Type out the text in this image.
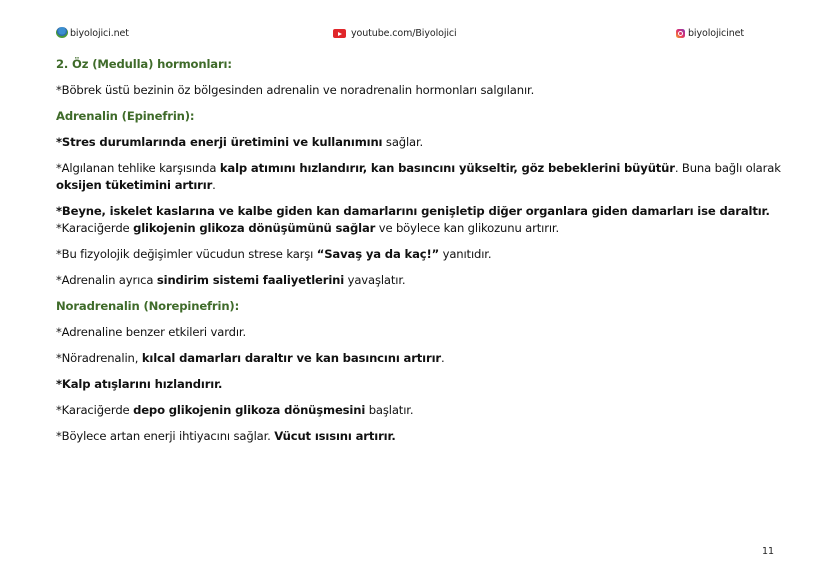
biyolojici.net	youtube.com/Biyolojici	biyolojicinet
2. Öz (Medulla) hormonları:
*Böbrek üstü bezinin öz bölgesinden adrenalin ve noradrenalin hormonları salgılanır.
Adrenalin (Epinefrin):
*Stres durumlarında enerji üretimini ve kullanımını sağlar.
*Algılanan tehlike karşısında kalp atımını hızlandırır, kan basıncını yükseltir, göz bebeklerini büyütür. Buna bağlı olarak
oksijen tüketimini artırır.
*Beyne, iskelet kaslarına ve kalbe giden kan damarlarını genişletip diğer organlara giden damarları ise daraltır.
*Karaciğerde glikojenin glikoza dönüşümünü sağlar ve böylece kan glikozunu artırır.
*Bu fizyolojik değişimler vücudun strese karşı “Savaş ya da kaç!” yanıtıdır.
*Adrenalin ayrıca sindirim sistemi faaliyetlerini yavaşlatır.
Noradrenalin (Norepinefrin):
*Adrenaline benzer etkileri vardır.
*Nöradrenalin, kılcal damarları daraltır ve kan basıncını artırır.
*Kalp atışlarını hızlandırır.
*Karaciğerde depo glikojenin glikoza dönüşmesini başlatır.
*Böylece artan enerji ihtiyacını sağlar. Vücut ısısını artırır.
11
